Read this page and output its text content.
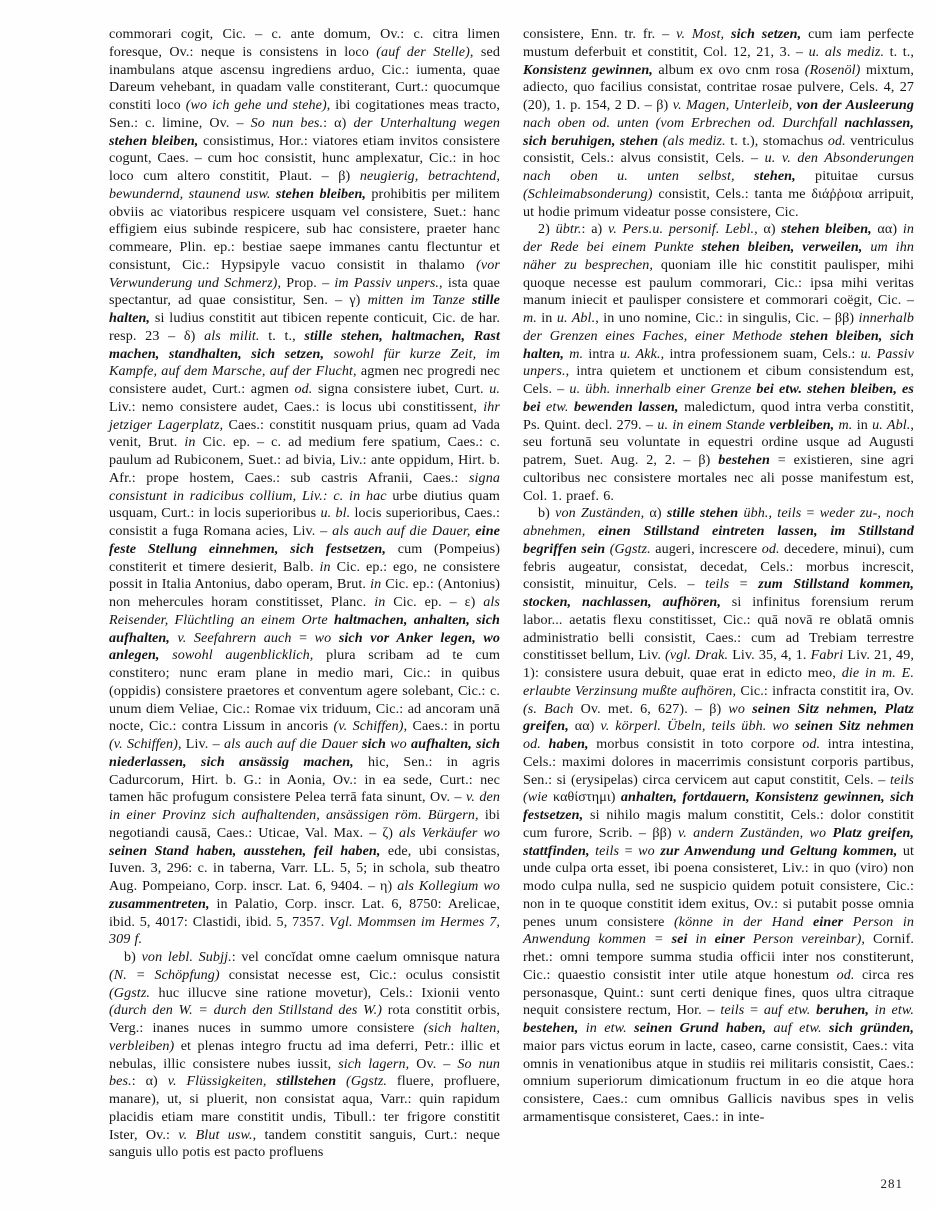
commorari cogit, Cic. – c. ante domum, Ov.: c. citra limen foresque, Ov.: neque is consistens in loco (auf der Stelle), sed inambulans atque ascensu ingrediens arduo, Cic.: iumenta, quae Dareum vehebant, in quadam valle constiterant, Curt.: quocumque constiti loco (wo ich gehe und stehe), ibi cogitationes meas tracto, Sen.: c. limine, Ov. – So nun bes.: α) der Unterhaltung wegen stehen bleiben, consistimus, Hor.: viatores etiam invitos consistere cogunt, Caes. – cum hoc consistit, hunc amplexatur, Cic.: in hoc loco cum altero constitit, Plaut. – β) neugierig, betrachtend, bewundernd, staunend usw. stehen bleiben, prohibitis per militem obviis ac viatoribus respicere usquam vel consistere, Suet.: hanc effigiem eius subinde respicere, sub hac consistere, praeter hanc commeare, Plin. ep.: bestiae saepe immanes cantu flectuntur et consistunt, Cic.: Hypsipyle vacuo consistit in thalamo (vor Verwunderung und Schmerz), Prop. – im Passiv unpers., ista quae spectantur, ad quae consistitur, Sen. – γ) mitten im Tanze stille halten, si ludius constitit aut tibicen repente conticuit, Cic. de har. resp. 23 – δ) als milit. t. t., stille stehen, haltmachen, Rast machen, standhalten, sich setzen, sowohl für kurze Zeit, im Kampfe, auf dem Marsche, auf der Flucht, agmen nec progredi nec consistere audet, Curt.: agmen od. signa consistere iubet, Curt. u. Liv.: nemo consistere audet, Caes.: is locus ubi constitissent, ihr jetziger Lagerplatz, Caes.: constitit nusquam prius, quam ad Vada venit, Brut. in Cic. ep. – c. ad medium fere spatium, Caes.: c. paulum ad Rubiconem, Suet.: ad bivia, Liv.: ante oppidum, Hirt. b. Afr.: prope hostem, Caes.: sub castris Afranii, Caes.: signa consistunt in radicibus collium, Liv.: c. in hac urbe diutius quam usquam, Curt.: in locis superioribus u. bl. locis superioribus, Caes.: consistit a fuga Romana acies, Liv. – als auch auf die Dauer, eine feste Stellung einnehmen, sich festsetzen, cum (Pompeius) constiterit et timere desierit, Balb. in Cic. ep.: ego, ne consistere possit in Italia Antonius, dabo operam, Brut. in Cic. ep.: (Antonius) non mehercules horam constitisset, Planc. in Cic. ep. – ε) als Reisender, Flüchtling an einem Orte haltmachen, anhalten, sich aufhalten, v. Seefahrern auch = wo sich vor Anker legen, wo anlegen, sowohl augenblicklich, plura scribam ad te cum constitero; nunc eram plane in medio mari, Cic.: in quibus (oppidis) consistere praetores et conventum agere solebant, Cic.: c. unum diem Veliae, Cic.: Romae vix triduum, Cic.: ad ancoram unā nocte, Cic.: contra Lissum in ancoris (v. Schiffen), Caes.: in portu (v. Schiffen), Liv. – als auch auf die Dauer sich wo aufhalten, sich niederlassen, sich ansässig machen, hic, Sen.: in agris Cadurcorum, Hirt. b. G.: in Aonia, Ov.: in ea sede, Curt.: nec tamen hāc profugum consistere Pelea terrā fata sinunt, Ov. – v. den in einer Provinz sich aufhaltenden, ansässigen röm. Bürgern, ibi negotiandi causā, Caes.: Uticae, Val. Max. – ζ) als Verkäufer wo seinen Stand haben, ausstehen, feil haben, ede, ubi consistas, Iuven. 3, 296: c. in taberna, Varr. LL. 5, 5; in schola, sub theatro Aug. Pompeiano, Corp. inscr. Lat. 6, 9404. – η) als Kollegium wo zusammentreten, in Palatio, Corp. inscr. Lat. 6, 8750: Arelicae, ibid. 5, 4017: Clastidi, ibid. 5, 7357. Vgl. Mommsen im Hermes 7, 309 f.

b) von lebl. Subjj.: vel concĭdat omne caelum omnisque natura (N. = Schöpfung) consistat necesse est, Cic.: oculus consistit (Ggstz. huc illucve sine ratione movetur), Cels.: Ixionii vento (durch den W. = durch den Stillstand des W.) rota constitit orbis, Verg.: inanes nuces in summo umore consistere (sich halten, verbleiben) et plenas integro fructu ad ima deferri, Petr.: illic et nebulas, illic consistere nubes iussit, sich lagern, Ov. – So nun bes.: α) v. Flüssigkeiten, stillstehen (Ggstz. fluere, profluere, manare), ut, si pluerit, non consistat aqua, Varr.: quin rapidum placidis etiam mare constitit undis, Tibull.: ter frigore constitit Ister, Ov.: v. Blut usw., tandem constitit sanguis, Curt.: neque sanguis ullo potis est pacto profluens

consistere, Enn. tr. fr. – v. Most, sich setzen, cum iam perfecte mustum deferbuit et constitit, Col. 12, 21, 3. – u. als mediz. t. t., Konsistenz gewinnen, album ex ovo cnm rosa (Rosenöl) mixtum, adiecto, quo facilius consistat, contritae rosae pulvere, Cels. 4, 27 (20), 1. p. 154, 2 D. – β) v. Magen, Unterleib, von der Ausleerung nach oben od. unten (vom Erbrechen od. Durchfall nachlassen, sich beruhigen, stehen (als mediz. t. t.), stomachus od. ventriculus consistit, Cels.: alvus consistit, Cels. – u. v. den Absonderungen nach oben u. unten selbst, stehen, pituitae cursus (Schleimabsonderung) consistit, Cels.: tanta me διάῤῥοια arripuit, ut hodie primum videatur posse consistere, Cic.

2) übtr.: a) v. Pers.u. personif. Lebl., α) stehen bleiben, αα) in der Rede bei einem Punkte stehen bleiben, verweilen, um ihn näher zu besprechen, quoniam ille hic constitit paulisper, mihi quoque necesse est paulum commorari, Cic.: ipsa mihi veritas manum iniecit et paulisper consistere et commorari coëgit, Cic. – m. in u. Abl., in uno nomine, Cic.: in singulis, Cic. – ββ) innerhalb der Grenzen eines Faches, einer Methode stehen bleiben, sich halten, m. intra u. Akk., intra professionem suam, Cels.: u. Passiv unpers., intra quietem et unctionem et cibum consistendum est, Cels. – u. übh. innerhalb einer Grenze bei etw. stehen bleiben, es bei etw. bewenden lassen, maledictum, quod intra verba constitit, Ps. Quint. decl. 279. – u. in einem Stande verbleiben, m. in u. Abl., seu fortunā seu voluntate in equestri ordine usque ad Augusti patrem, Suet. Aug. 2, 2. – β) bestehen = existieren, sine agri cultoribus nec consistere mortales nec ali posse manifestum est, Col. 1. praef. 6.

b) von Zuständen, α) stille stehen übh., teils = weder zu-, noch abnehmen, einen Stillstand eintreten lassen, im Stillstand begriffen sein (Ggstz. augeri, increscere od. decedere, minui), cum febris augeatur, consistat, decedat, Cels.: morbus increscit, consistit, minuitur, Cels. – teils = zum Stillstand kommen, stocken, nachlassen, aufhören, si infinitus forensium rerum labor... aetatis flexu constitisset, Cic.: quā novā re oblatā omnis administratio belli consistit, Caes.: cum ad Trebiam terrestre constitisset bellum, Liv. (vgl. Drak. Liv. 35, 4, 1. Fabri Liv. 21, 49, 1): consistere usura debuit, quae erat in edicto meo, die in m. E. erlaubte Verzinsung mußte aufhören, Cic.: infracta constitit ira, Ov. (s. Bach Ov. met. 6, 627). – β) wo seinen Sitz nehmen, Platz greifen, αα) v. körperl. Übeln, teils übh. wo seinen Sitz nehmen od. haben, morbus consistit in toto corpore od. intra intestina, Cels.: maximi dolores in macerrimis consistunt corporis partibus, Sen.: si (erysipelas) circa cervicem aut caput constitit, Cels. – teils (wie καθίστημι) anhalten, fortdauern, Konsistenz gewinnen, sich festsetzen, si nihilo magis malum constitit, Cels.: dolor constitit cum furore, Scrib. – ββ) v. andern Zuständen, wo Platz greifen, stattfinden, teils = wo zur Anwendung und Geltung kommen, ut unde culpa orta esset, ibi poena consisteret, Liv.: in quo (viro) non modo culpa nulla, sed ne suspicio quidem potuit consistere, Cic.: non in te quoque constitit idem exitus, Ov.: si putabit posse omnia penes unum consistere (könne in der Hand einer Person in Anwendung kommen = sei in einer Person vereinbar), Cornif. rhet.: omni tempore summa studia officii inter nos constiterunt, Cic.: quaestio consistit inter utile atque honestum od. circa res personasque, Quint.: sunt certi denique fines, quos ultra citraque nequit consistere rectum, Hor. – teils = auf etw. beruhen, in etw. bestehen, in etw. seinen Grund haben, auf etw. sich gründen, maior pars victus eorum in lacte, caseo, carne consistit, Caes.: vita omnis in venationibus atque in studiis rei militaris consistit, Caes.: omnium superiorum dimicationum fructum in eo die atque hora consistere, Caes.: cum omnibus Gallicis navibus spes in velis armamentisque consisteret, Caes.: in inte-

281
